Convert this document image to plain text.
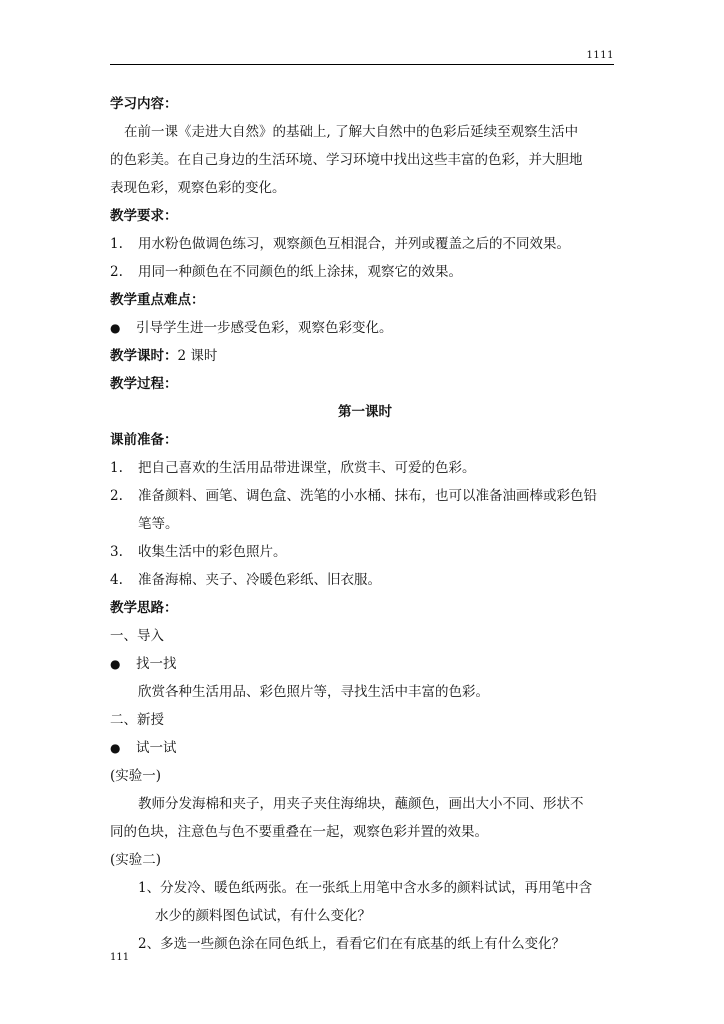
1111
学习内容：
在前一课《走进大自然》的基础上, 了解大自然中的色彩后延续至观察生活中
的色彩美。在自己身边的生活环境、学习环境中找出这些丰富的色彩，并大胆地
表现色彩，观察色彩的变化。
教学要求：
1. 用水粉色做调色练习，观察颜色互相混合，并列或覆盖之后的不同效果。
2. 用同一种颜色在不同颜色的纸上涂抹，观察它的效果。
教学重点难点：
● 引导学生进一步感受色彩，观察色彩变化。
教学课时：2 课时
教学过程：
第一课时
课前准备：
1. 把自己喜欢的生活用品带进课堂，欣赏丰、可爱的色彩。
2. 准备颜料、画笔、调色盒、洗笔的小水桶、抹布，也可以准备油画棒或彩色铅
笔等。
3. 收集生活中的彩色照片。
4. 准备海棉、夹子、冷暖色彩纸、旧衣服。
教学思路：
一、导入
● 找一找
欣赏各种生活用品、彩色照片等，寻找生活中丰富的色彩。
二、新授
● 试一试
(实验一)
教师分发海棉和夹子，用夹子夹住海绵块，蘸颜色，画出大小不同、形状不
同的色块，注意色与色不要重叠在一起，观察色彩并置的效果。
(实验二)
1、分发冷、暖色纸两张。在一张纸上用笔中含水多的颜料试试，再用笔中含
水少的颜料图色试试，有什么变化？
2、多选一些颜色涂在同色纸上，看看它们在有底基的纸上有什么变化？
111
